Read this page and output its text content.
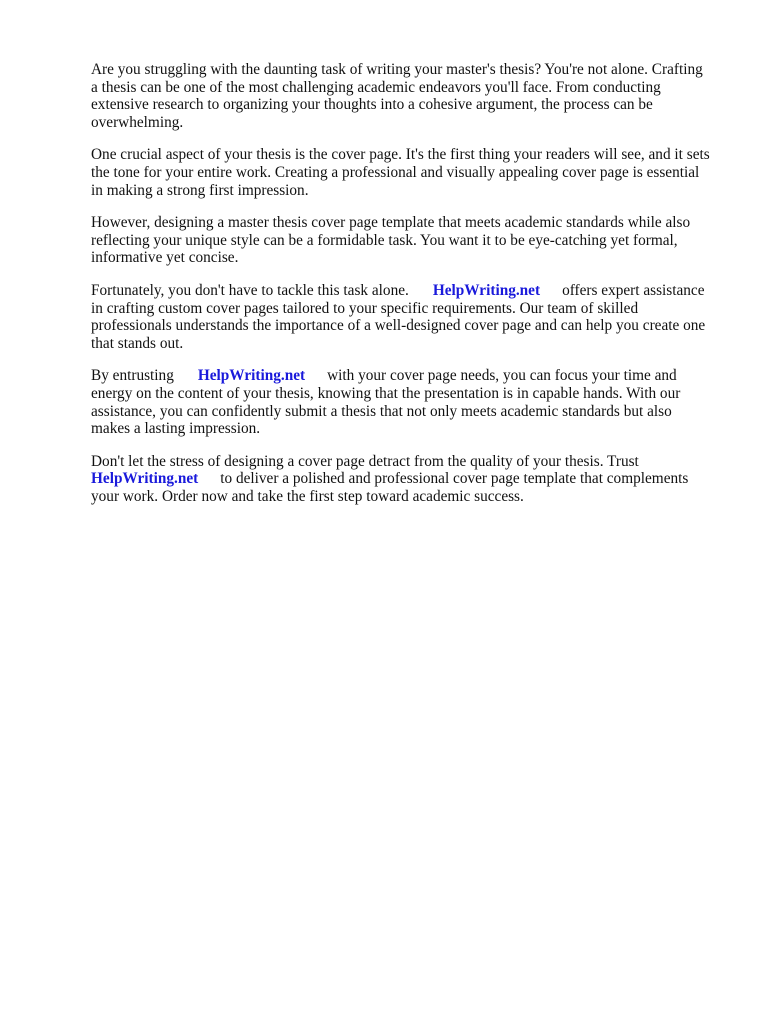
Are you struggling with the daunting task of writing your master's thesis? You're not alone. Crafting
a thesis can be one of the most challenging academic endeavors you'll face. From conducting
extensive research to organizing your thoughts into a cohesive argument, the process can be
overwhelming.

One crucial aspect of your thesis is the cover page. It's the first thing your readers will see, and it sets
the tone for your entire work. Creating a professional and visually appealing cover page is essential
in making a strong first impression.

However, designing a master thesis cover page template that meets academic standards while also
reflecting your unique style can be a formidable task. You want it to be eye-catching yet formal,
informative yet concise.

Fortunately, you don't have to tackle this task alone. HelpWriting.net offers expert assistance
in crafting custom cover pages tailored to your specific requirements. Our team of skilled
professionals understands the importance of a well-designed cover page and can help you create one
that stands out.

By entrusting HelpWriting.net with your cover page needs, you can focus your time and
energy on the content of your thesis, knowing that the presentation is in capable hands. With our
assistance, you can confidently submit a thesis that not only meets academic standards but also
makes a lasting impression.

Don't let the stress of designing a cover page detract from the quality of your thesis. Trust
HelpWriting.net to deliver a polished and professional cover page template that complements
your work. Order now and take the first step toward academic success.
